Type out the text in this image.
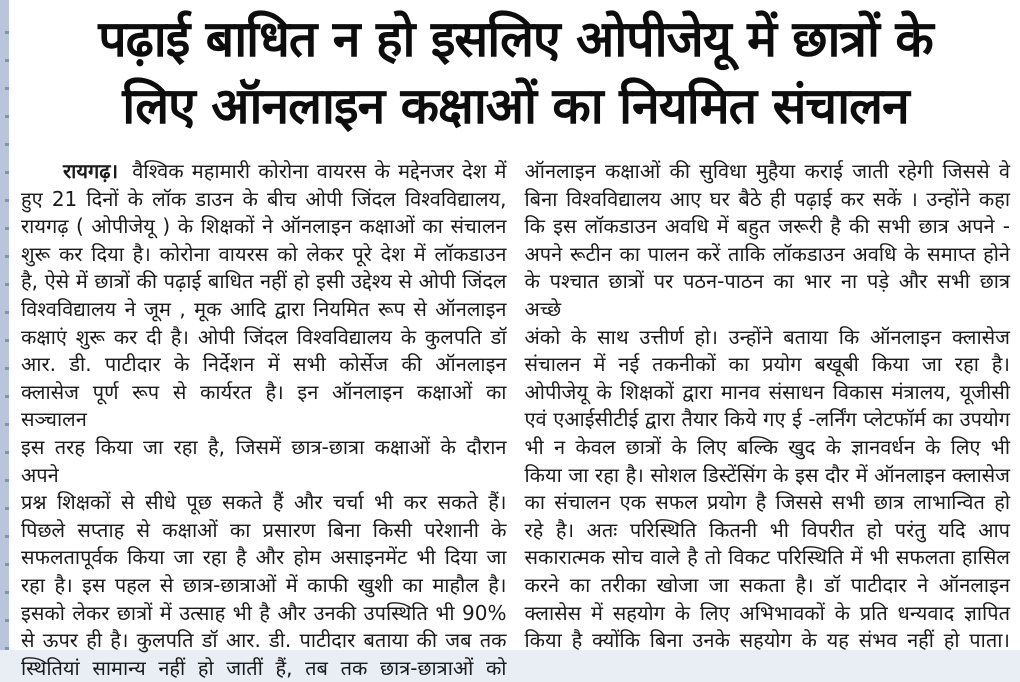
पढ़ाई बाधित न हो इसलिए ओपीजेयू में छात्रों के
लिए ऑनलाइन कक्षाओं का नियमित संचालन
रायगढ़। वैश्विक महामारी कोरोना वायरस के मद्देनजर देश में
हुए 21 दिनों के लॉक डाउन के बीच ओपी जिंदल विश्वविद्यालय,
रायगढ़ ( ओपीजेयू ) के शिक्षकों ने ऑनलाइन कक्षाओं का संचालन
शुरू कर दिया है। कोरोना वायरस को लेकर पूरे देश में लॉकडाउन
है, ऐसे में छात्रों की पढ़ाई बाधित नहीं हो इसी उद्देश्य से ओपी जिंदल
विश्वविद्यालय ने जूम , मूक आदि द्वारा नियमित रूप से ऑनलाइन
कक्षाएं शुरू कर दी है। ओपी जिंदल विश्वविद्यालय के कुलपति डॉ
आर. डी. पाटीदार के निर्देशन में सभी कोर्सेज की ऑनलाइन
क्लासेज पूर्ण रूप से कार्यरत है। इन ऑनलाइन कक्षाओं का सञ्चालन
इस तरह किया जा रहा है, जिसमें छात्र-छात्रा कक्षाओं के दौरान अपने
प्रश्न शिक्षकों से सीधे पूछ सकते हैं और चर्चा भी कर सकते हैं।
पिछले सप्ताह से कक्षाओं का प्रसारण बिना किसी परेशानी के
सफलतापूर्वक किया जा रहा है और होम असाइनमेंट भी दिया जा
रहा है। इस पहल से छात्र-छात्राओं में काफी खुशी का माहौल है।
इसको लेकर छात्रों में उत्साह भी है और उनकी उपस्थिति भी 90%
से ऊपर ही है। कुलपति डॉ आर. डी. पाटीदार बताया की जब तक
स्थितियां सामान्य नहीं हो जातीं हैं, तब तक छात्र-छात्राओं को
ऑनलाइन कक्षाओं की सुविधा मुहैया कराई जाती रहेगी जिससे वे
बिना विश्वविद्यालय आए घर बैठे ही पढ़ाई कर सकें । उन्होंने कहा
कि इस लॉकडाउन अवधि में बहुत जरूरी है की सभी छात्र अपने -
अपने रूटीन का पालन करें ताकि लॉकडाउन अवधि के समाप्त होने
के पश्चात छात्रों पर पठन-पाठन का भार ना पड़े और सभी छात्र अच्छे
अंको के साथ उत्तीर्ण हो। उन्होंने बताया कि ऑनलाइन क्लासेज
संचालन में नई तकनीकों का प्रयोग बखूबी किया जा रहा है।
ओपीजेयू के शिक्षकों द्वारा मानव संसाधन विकास मंत्रालय, यूजीसी
एवं एआईसीटीई द्वारा तैयार किये गए ई -लर्निंग प्लेटफॉर्म का उपयोग
भी न केवल छात्रों के लिए बल्कि खुद के ज्ञानवर्धन के लिए भी
किया जा रहा है। सोशल डिस्टेंसिंग के इस दौर में ऑनलाइन क्लासेज
का संचालन एक सफल प्रयोग है जिससे सभी छात्र लाभान्वित हो
रहे है। अतः परिस्थिति कितनी भी विपरीत हो परंतु यदि आप
सकारात्मक सोच वाले है तो विकट परिस्थिति में भी सफलता हासिल
करने का तरीका खोजा जा सकता है। डॉ पाटीदार ने ऑनलाइन
क्लासेस में सहयोग के लिए अभिभावकों के प्रति धन्यवाद ज्ञापित
किया है क्योंकि बिना उनके सहयोग के यह संभव नहीं हो पाता।
